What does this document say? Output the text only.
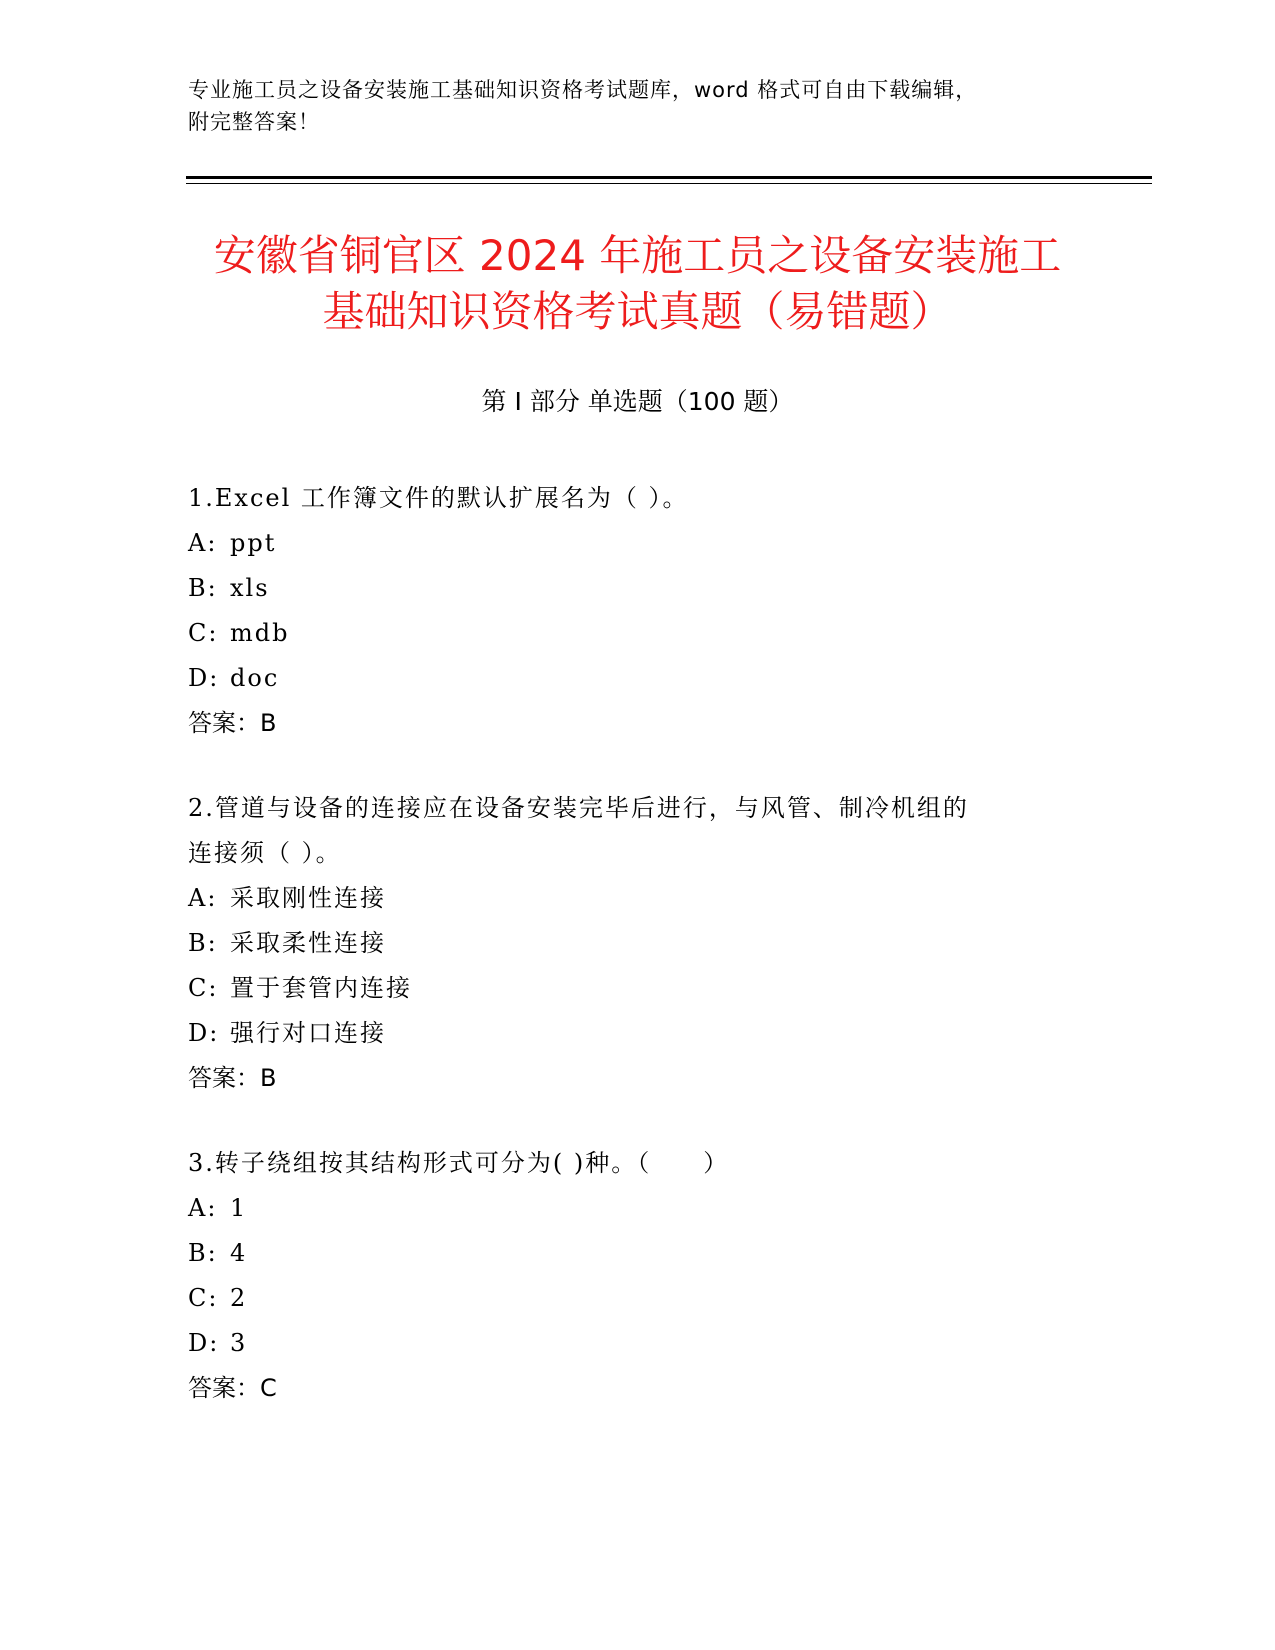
专业施工员之设备安装施工基础知识资格考试题库，word 格式可自由下载编辑，
附完整答案！
安徽省铜官区 2024 年施工员之设备安装施工
基础知识资格考试真题（易错题）
第 I 部分 单选题（100 题）

1.Excel 工作簿文件的默认扩展名为（ ）。

A: ppt

B: xls

C: mdb

D: doc

答案：B

2.管道与设备的连接应在设备安装完毕后进行，与风管、制冷机组的

连接须（ ）。

A: 采取刚性连接

B: 采取柔性连接

C: 置于套管内连接

D: 强行对口连接

答案：B

3.转子绕组按其结构形式可分为( )种。（　　）

A: 1

B: 4

C: 2

D: 3

答案：C
